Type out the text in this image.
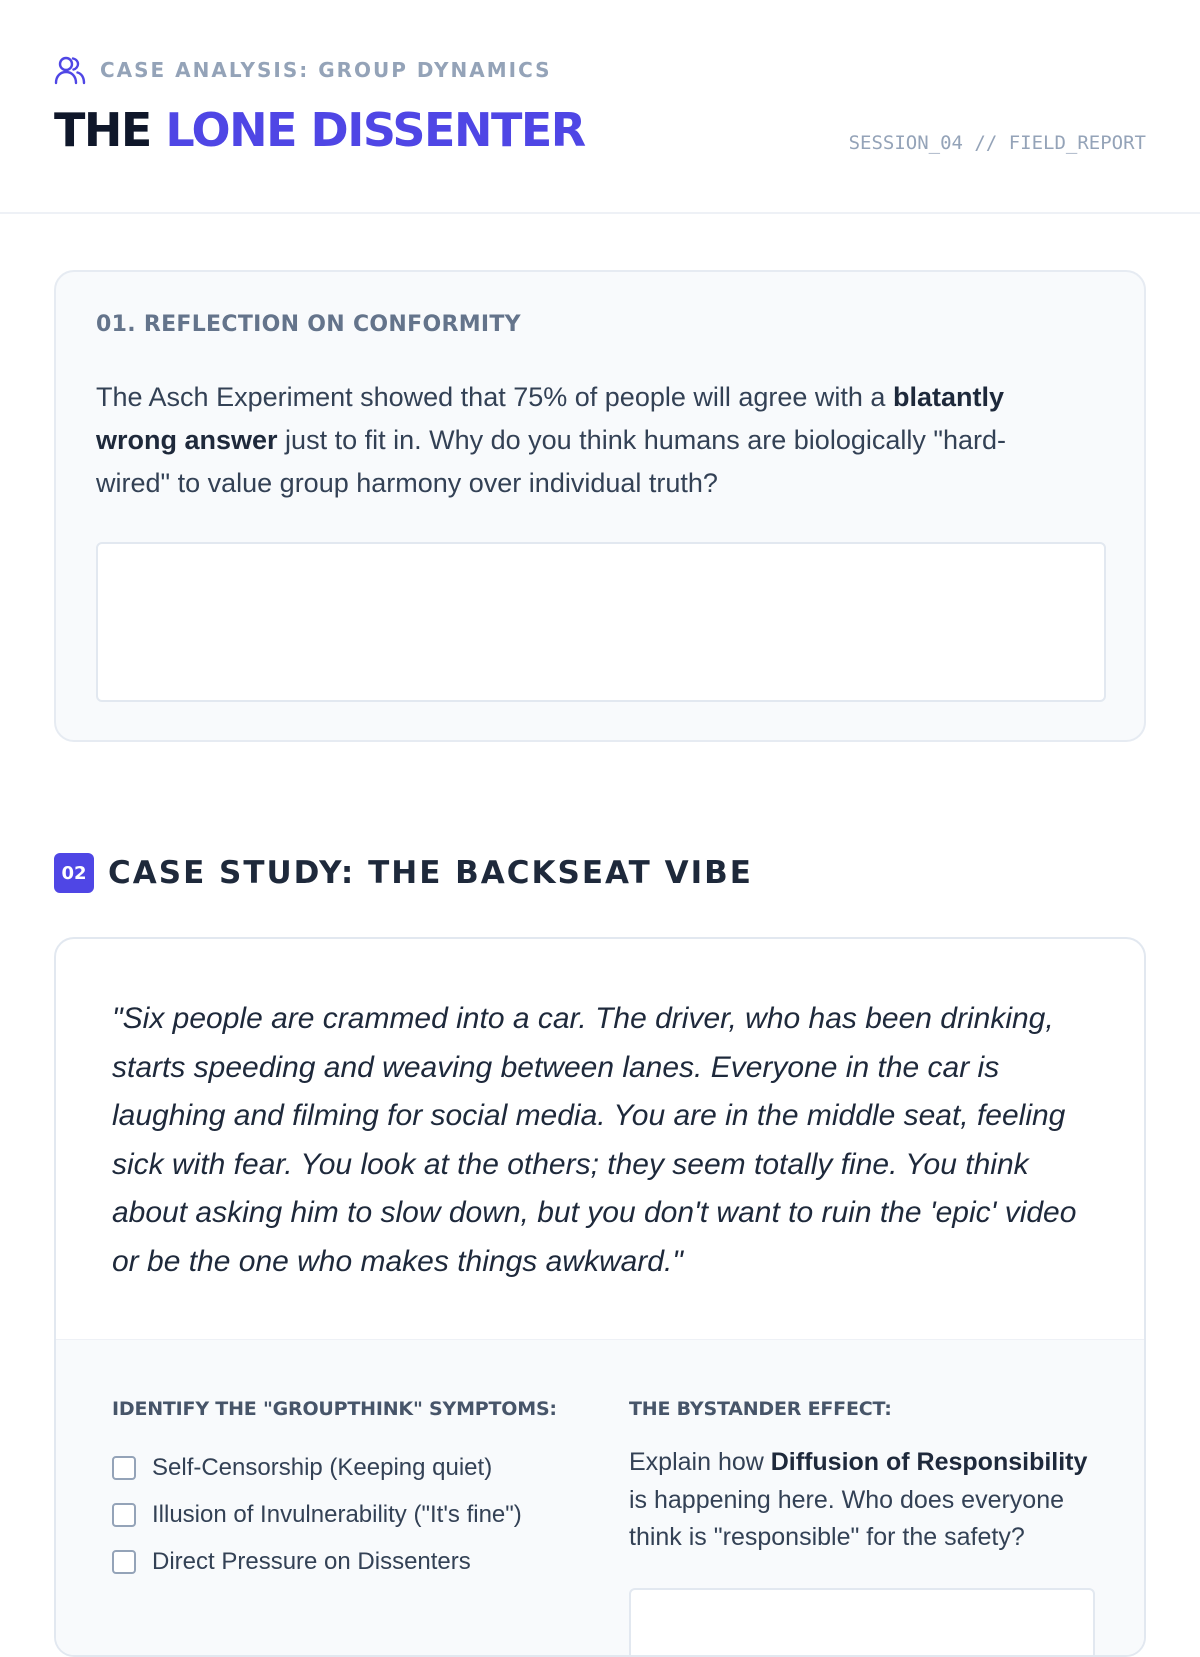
CASE ANALYSIS: GROUP DYNAMICS
THE LONE DISSENTER	SESSION_04 // FIELD_REPORT
01. REFLECTION ON CONFORMITY

The Asch Experiment showed that 75% of people will agree with a blatantly wrong answer just to fit in. Why do you think humans are biologically "hard-wired" to value group harmony over individual truth?

02 CASE STUDY: THE BACKSEAT VIBE

"Six people are crammed into a car. The driver, who has been drinking, starts speeding and weaving between lanes. Everyone in the car is laughing and filming for social media. You are in the middle seat, feeling sick with fear. You look at the others; they seem totally fine. You think about asking him to slow down, but you don't want to ruin the 'epic' video or be the one who makes things awkward."

IDENTIFY THE "GROUPTHINK" SYMPTOMS:
Self-Censorship (Keeping quiet)
Illusion of Invulnerability ("It's fine")
Direct Pressure on Dissenters
THE BYSTANDER EFFECT:

Explain how Diffusion of Responsibility is happening here. Who does everyone think is "responsible" for the safety?
